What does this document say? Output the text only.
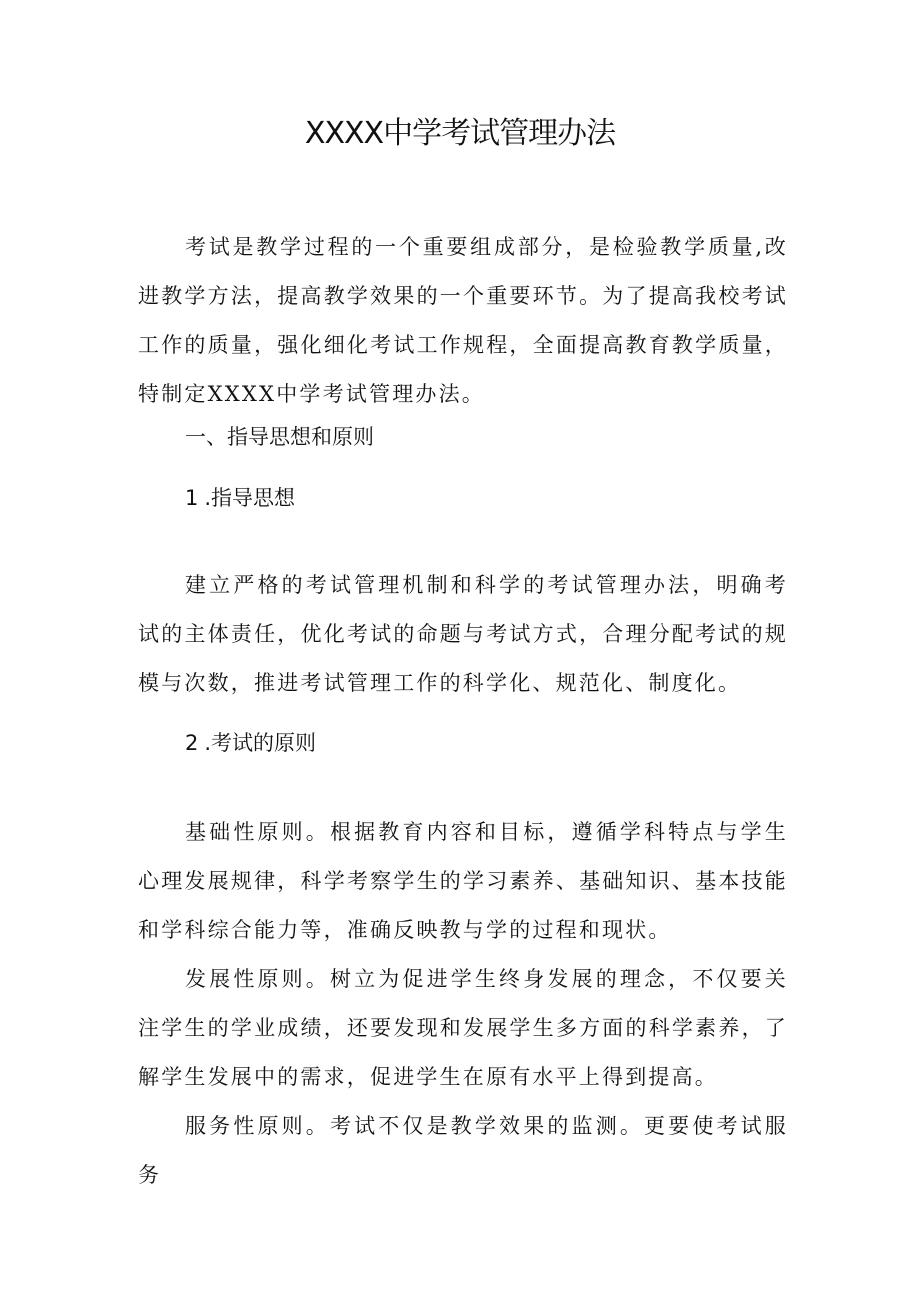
XXXX中学考试管理办法

考试是教学过程的一个重要组成部分，是检验教学质量,改进教学方法，提高教学效果的一个重要环节。为了提高我校考试工作的质量，强化细化考试工作规程，全面提高教育教学质量，特制定XXXX中学考试管理办法。

一、指导思想和原则
1 .指导思想

建立严格的考试管理机制和科学的考试管理办法，明确考试的主体责任，优化考试的命题与考试方式，合理分配考试的规模与次数，推进考试管理工作的科学化、规范化、制度化。

2 .考试的原则

基础性原则。根据教育内容和目标，遵循学科特点与学生心理发展规律，科学考察学生的学习素养、基础知识、基本技能和学科综合能力等，准确反映教与学的过程和现状。

发展性原则。树立为促进学生终身发展的理念，不仅要关注学生的学业成绩，还要发现和发展学生多方面的科学素养，了解学生发展中的需求，促进学生在原有水平上得到提高。

服务性原则。考试不仅是教学效果的监测。更要使考试服务
